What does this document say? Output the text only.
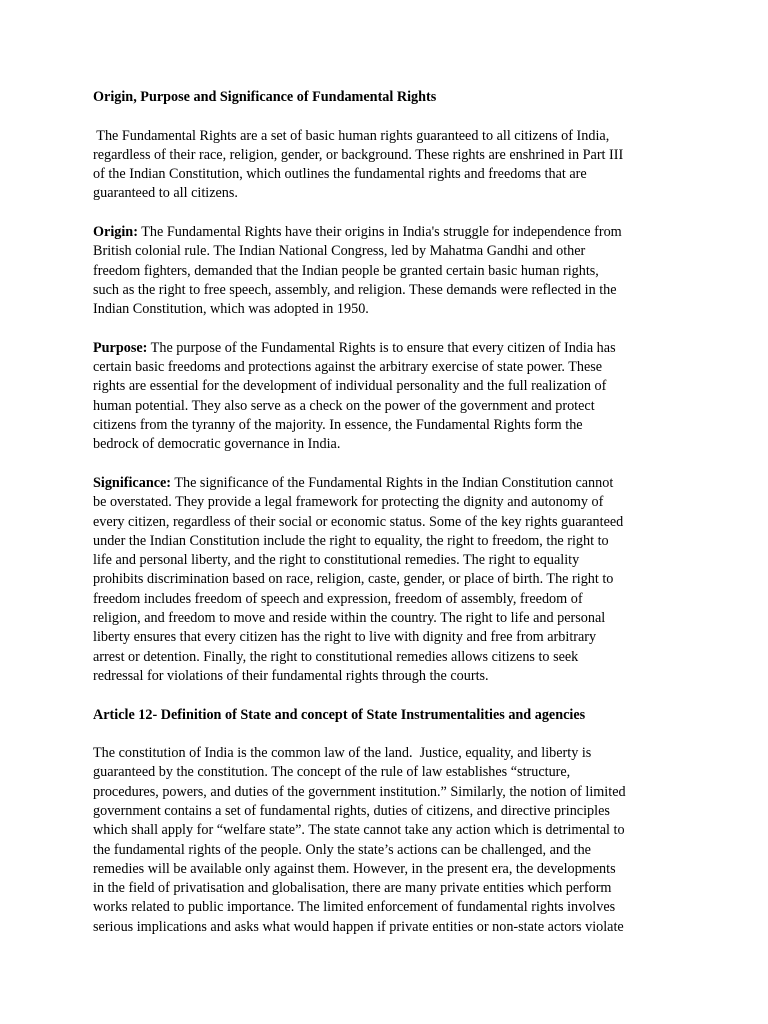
Origin, Purpose and Significance of Fundamental Rights
The Fundamental Rights are a set of basic human rights guaranteed to all citizens of India,
regardless of their race, religion, gender, or background. These rights are enshrined in Part III
of the Indian Constitution, which outlines the fundamental rights and freedoms that are
guaranteed to all citizens.
Origin: The Fundamental Rights have their origins in India's struggle for independence from
British colonial rule. The Indian National Congress, led by Mahatma Gandhi and other
freedom fighters, demanded that the Indian people be granted certain basic human rights,
such as the right to free speech, assembly, and religion. These demands were reflected in the
Indian Constitution, which was adopted in 1950.
Purpose: The purpose of the Fundamental Rights is to ensure that every citizen of India has
certain basic freedoms and protections against the arbitrary exercise of state power. These
rights are essential for the development of individual personality and the full realization of
human potential. They also serve as a check on the power of the government and protect
citizens from the tyranny of the majority. In essence, the Fundamental Rights form the
bedrock of democratic governance in India.
Significance: The significance of the Fundamental Rights in the Indian Constitution cannot
be overstated. They provide a legal framework for protecting the dignity and autonomy of
every citizen, regardless of their social or economic status. Some of the key rights guaranteed
under the Indian Constitution include the right to equality, the right to freedom, the right to
life and personal liberty, and the right to constitutional remedies. The right to equality
prohibits discrimination based on race, religion, caste, gender, or place of birth. The right to
freedom includes freedom of speech and expression, freedom of assembly, freedom of
religion, and freedom to move and reside within the country. The right to life and personal
liberty ensures that every citizen has the right to live with dignity and free from arbitrary
arrest or detention. Finally, the right to constitutional remedies allows citizens to seek
redressal for violations of their fundamental rights through the courts.
Article 12- Definition of State and concept of State Instrumentalities and agencies
The constitution of India is the common law of the land.  Justice, equality, and liberty is
guaranteed by the constitution. The concept of the rule of law establishes “structure,
procedures, powers, and duties of the government institution.” Similarly, the notion of limited
government contains a set of fundamental rights, duties of citizens, and directive principles
which shall apply for “welfare state”. The state cannot take any action which is detrimental to
the fundamental rights of the people. Only the state’s actions can be challenged, and the
remedies will be available only against them. However, in the present era, the developments
in the field of privatisation and globalisation, there are many private entities which perform
works related to public importance. The limited enforcement of fundamental rights involves
serious implications and asks what would happen if private entities or non-state actors violate
